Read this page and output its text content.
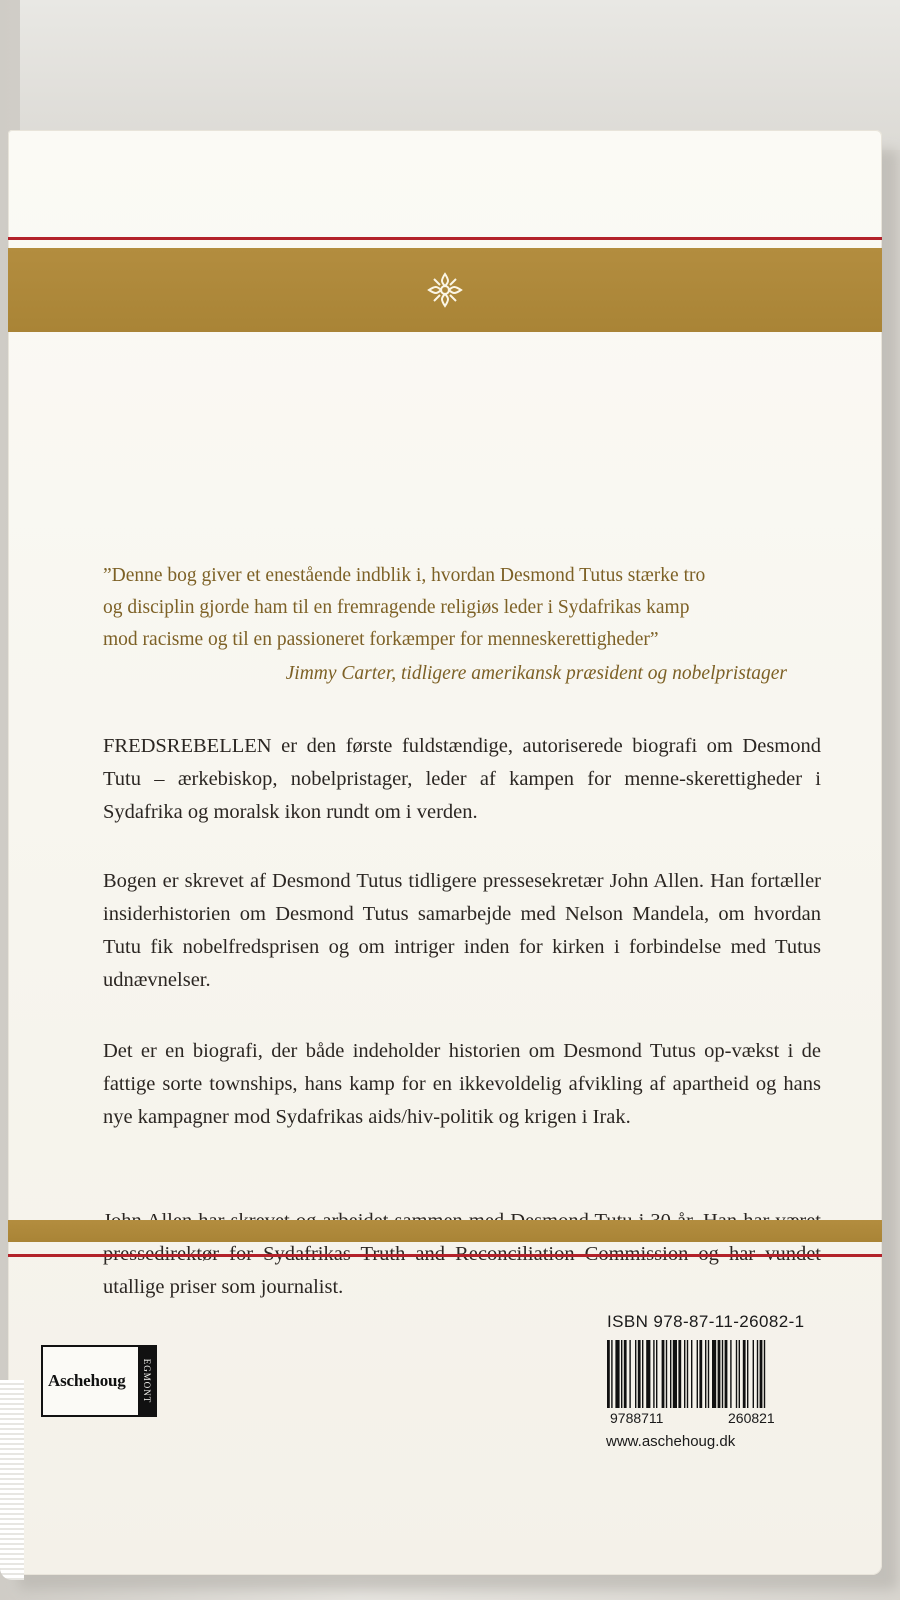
”Denne bog giver et enestående indblik i, hvordan Desmond Tutus stærke tro
og disciplin gjorde ham til en fremragende religiøs leder i Sydafrikas kamp
mod racisme og til en passioneret forkæmper for menneskerettigheder”
Jimmy Carter, tidligere amerikansk præsident og nobelpristager

FREDSREBELLEN er den første fuldstændige, autoriserede biografi om Desmond Tutu – ærkebiskop, nobelpristager, leder af kampen for menne-skerettigheder i Sydafrika og moralsk ikon rundt om i verden.

Bogen er skrevet af Desmond Tutus tidligere pressesekretær John Allen. Han fortæller insiderhistorien om Desmond Tutus samarbejde med Nelson Mandela, om hvordan Tutu fik nobelfredsprisen og om intriger inden for kirken i forbindelse med Tutus udnævnelser.

Det er en biografi, der både indeholder historien om Desmond Tutus op-vækst i de fattige sorte townships, hans kamp for en ikkevoldelig afvikling af apartheid og hans nye kampagner mod Sydafrikas aids/hiv-politik og krigen i Irak.

utallige priser som journalist.

Aschehoug EGMONT
ISBN 978-87-11-26082-1
9788711	260821
www.aschehoug.dk
